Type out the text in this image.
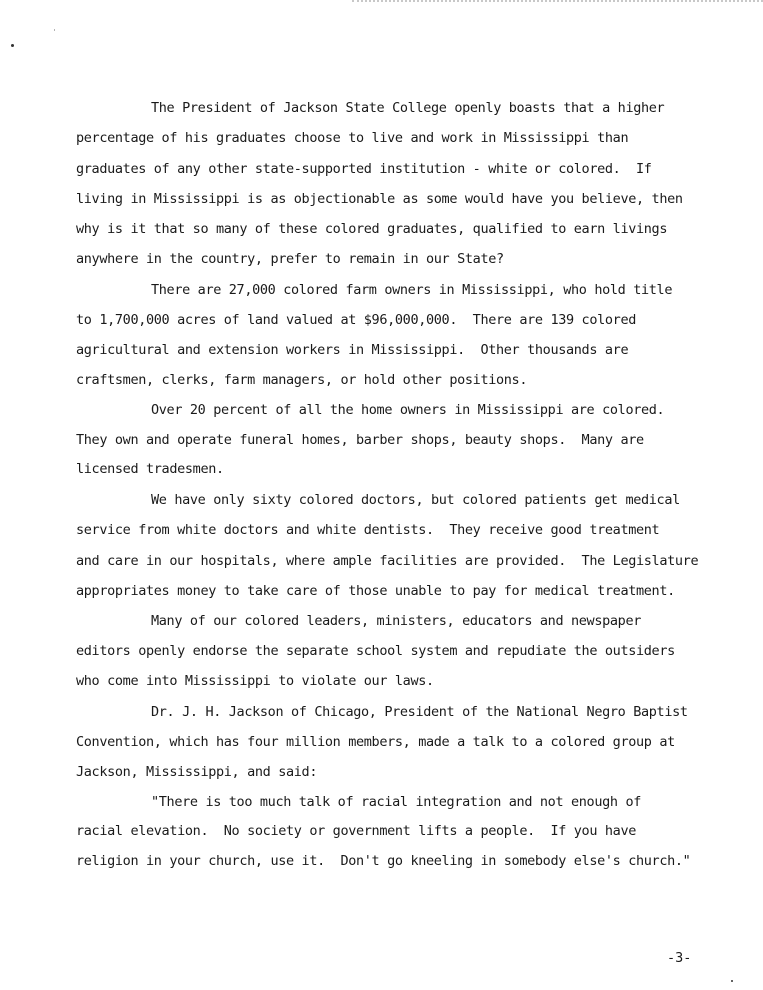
The President of Jackson State College openly boasts that a higher
percentage of his graduates choose to live and work in Mississippi than
graduates of any other state-supported institution - white or colored.  If
living in Mississippi is as objectionable as some would have you believe, then
why is it that so many of these colored graduates, qualified to earn livings
anywhere in the country, prefer to remain in our State?
There are 27,000 colored farm owners in Mississippi, who hold title
to 1,700,000 acres of land valued at $96,000,000.  There are 139 colored
agricultural and extension workers in Mississippi.  Other thousands are
craftsmen, clerks, farm managers, or hold other positions.
Over 20 percent of all the home owners in Mississippi are colored.
They own and operate funeral homes, barber shops, beauty shops.  Many are
licensed tradesmen.
We have only sixty colored doctors, but colored patients get medical
service from white doctors and white dentists.  They receive good treatment
and care in our hospitals, where ample facilities are provided.  The Legislature
appropriates money to take care of those unable to pay for medical treatment.
Many of our colored leaders, ministers, educators and newspaper
editors openly endorse the separate school system and repudiate the outsiders
who come into Mississippi to violate our laws.
Dr. J. H. Jackson of Chicago, President of the National Negro Baptist
Convention, which has four million members, made a talk to a colored group at
Jackson, Mississippi, and said:
"There is too much talk of racial integration and not enough of
racial elevation.  No society or government lifts a people.  If you have
religion in your church, use it.  Don't go kneeling in somebody else's church."
-3-
